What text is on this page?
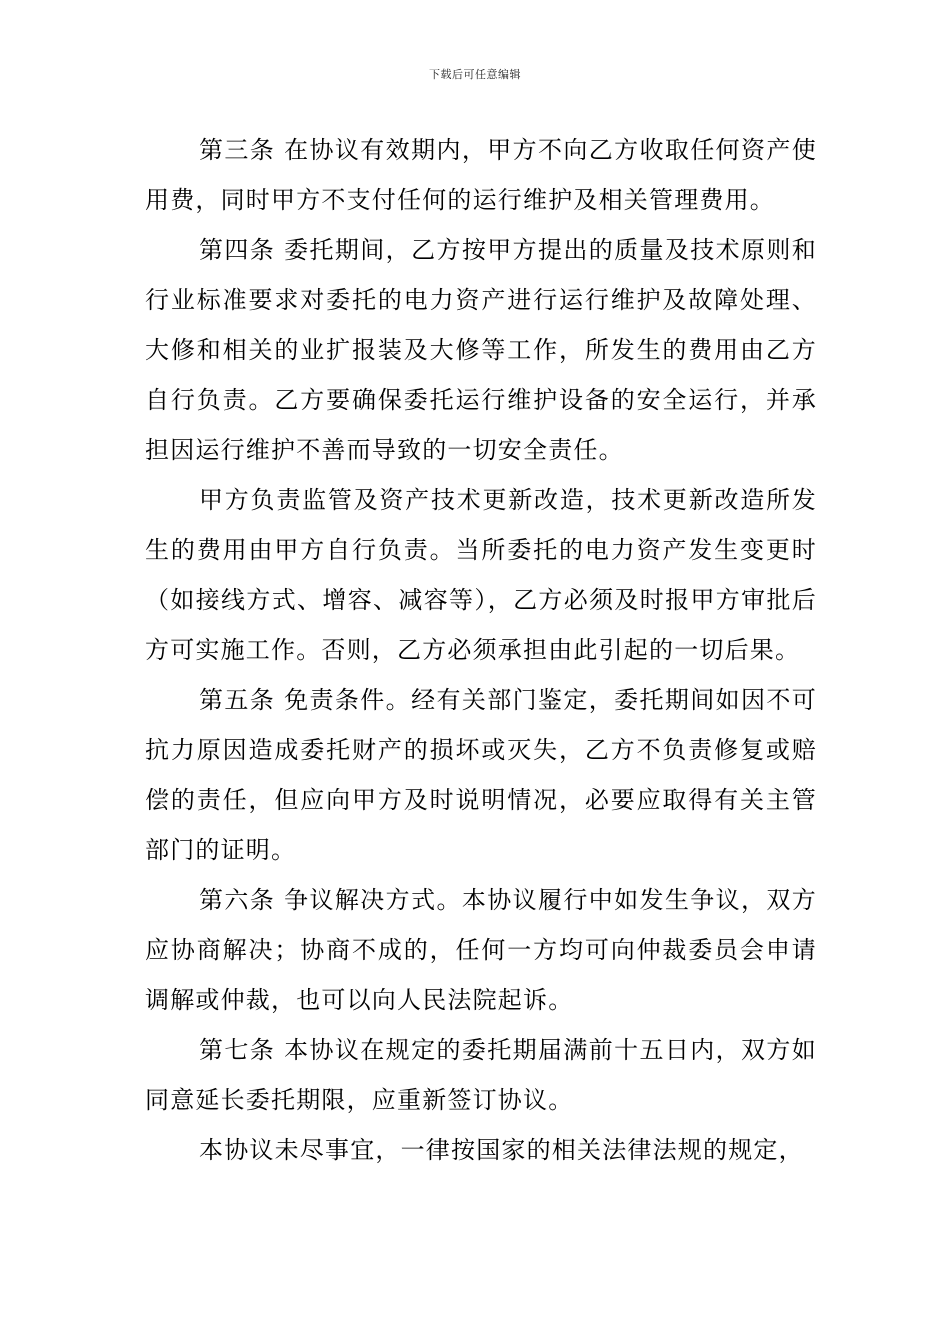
下载后可任意编辑

第三条 在协议有效期内，甲方不向乙方收取任何资产使用费，同时甲方不支付任何的运行维护及相关管理费用。

第四条 委托期间，乙方按甲方提出的质量及技术原则和行业标准要求对委托的电力资产进行运行维护及故障处理、大修和相关的业扩报装及大修等工作，所发生的费用由乙方自行负责。乙方要确保委托运行维护设备的安全运行，并承担因运行维护不善而导致的一切安全责任。

甲方负责监管及资产技术更新改造，技术更新改造所发生的费用由甲方自行负责。当所委托的电力资产发生变更时（如接线方式、增容、减容等），乙方必须及时报甲方审批后方可实施工作。否则，乙方必须承担由此引起的一切后果。

第五条 免责条件。经有关部门鉴定，委托期间如因不可抗力原因造成委托财产的损坏或灭失，乙方不负责修复或赔偿的责任，但应向甲方及时说明情况，必要应取得有关主管部门的证明。

第六条 争议解决方式。本协议履行中如发生争议，双方应协商解决；协商不成的，任何一方均可向仲裁委员会申请调解或仲裁，也可以向人民法院起诉。

第七条 本协议在规定的委托期届满前十五日内，双方如同意延长委托期限，应重新签订协议。

本协议未尽事宜，一律按国家的相关法律法规的规定，
